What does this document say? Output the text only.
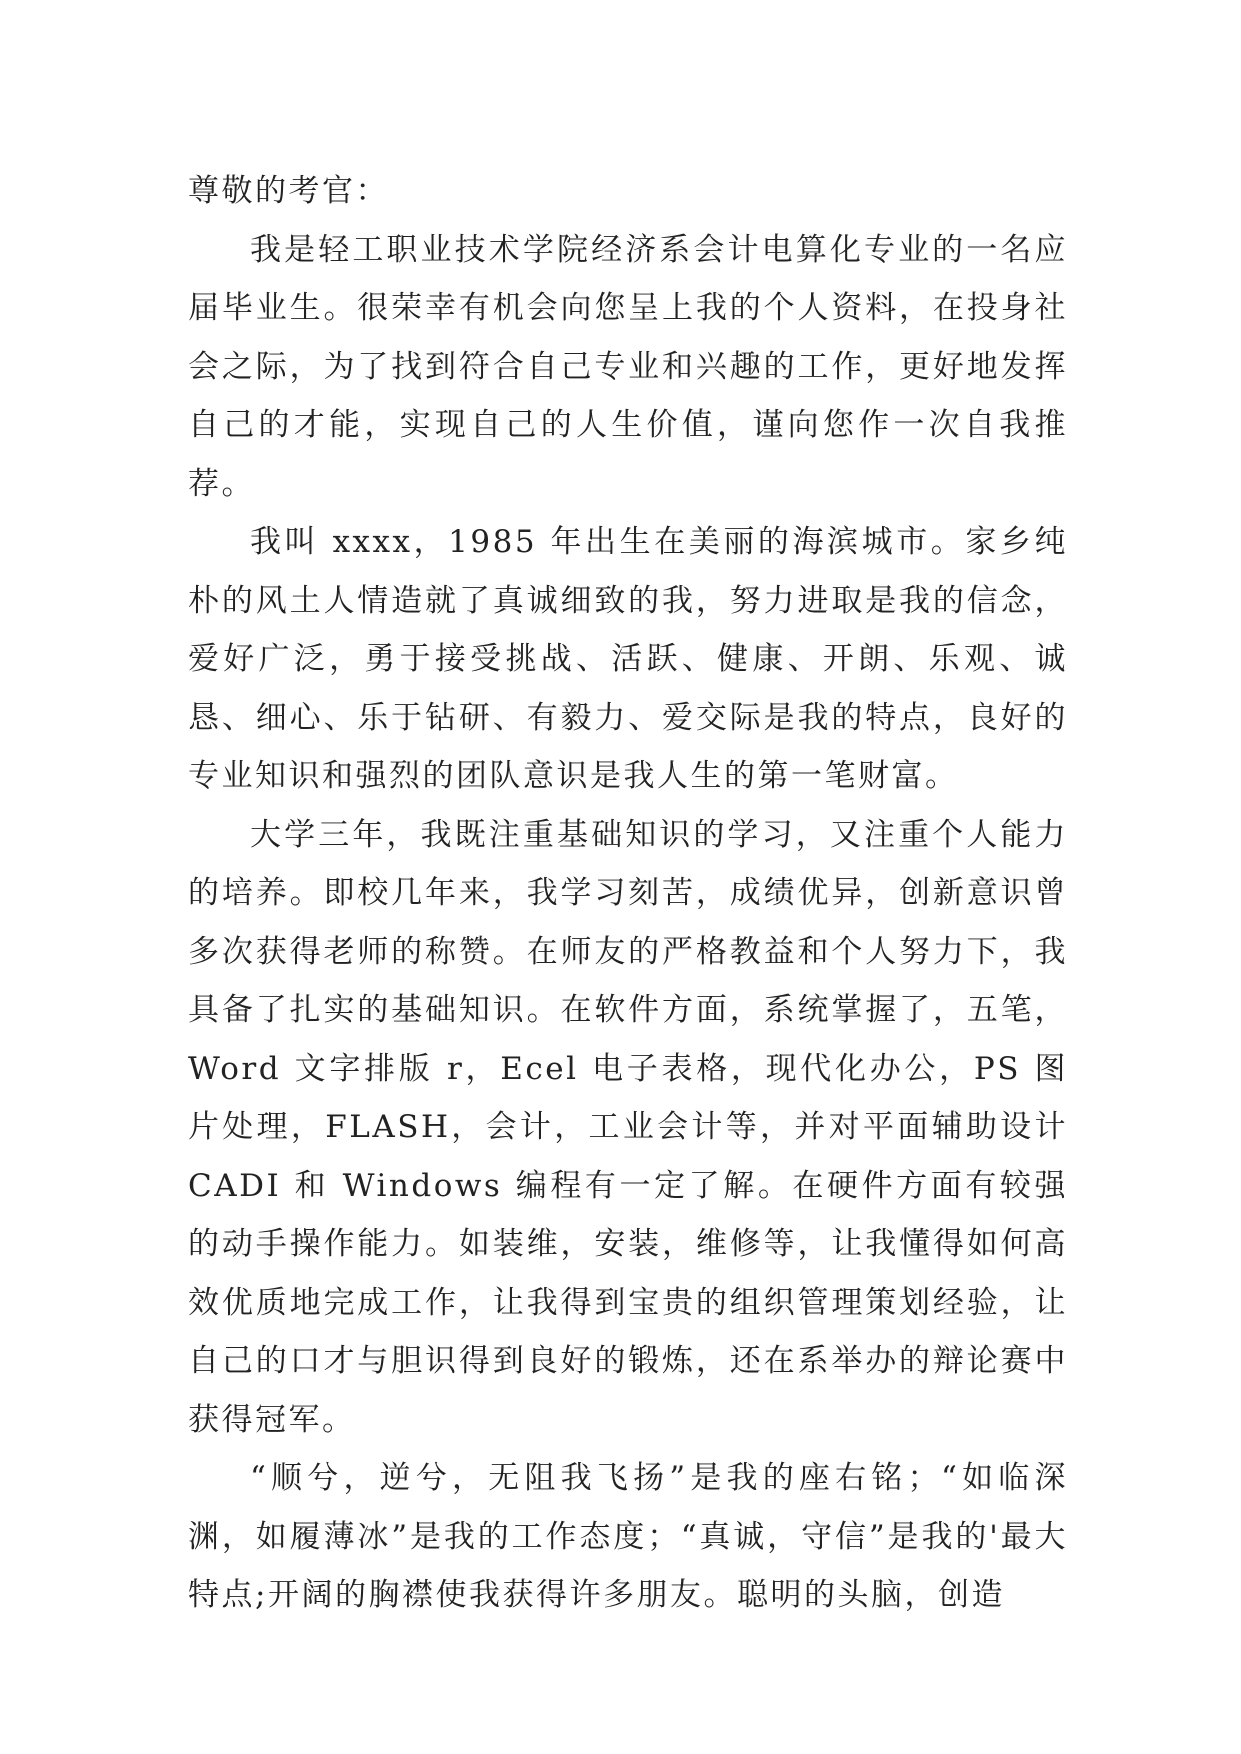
尊敬的考官：

我是轻工职业技术学院经济系会计电算化专业的一名应届毕业生。很荣幸有机会向您呈上我的个人资料，在投身社会之际，为了找到符合自己专业和兴趣的工作，更好地发挥自己的才能，实现自己的人生价值，谨向您作一次自我推荐。

我叫 xxxx，1985 年出生在美丽的海滨城市。家乡纯朴的风土人情造就了真诚细致的我，努力进取是我的信念，爱好广泛，勇于接受挑战、活跃、健康、开朗、乐观、诚恳、细心、乐于钻研、有毅力、爱交际是我的特点，良好的专业知识和强烈的团队意识是我人生的第一笔财富。

大学三年，我既注重基础知识的学习，又注重个人能力的培养。即校几年来，我学习刻苦，成绩优异，创新意识曾多次获得老师的称赞。在师友的严格教益和个人努力下，我具备了扎实的基础知识。在软件方面，系统掌握了，五笔，Word 文字排版 r，Ecel 电子表格，现代化办公，PS 图片处理，FLASH，会计，工业会计等，并对平面辅助设计 CADI 和 Windows 编程有一定了解。在硬件方面有较强的动手操作能力。如装维，安装，维修等，让我懂得如何高效优质地完成工作，让我得到宝贵的组织管理策划经验，让自己的口才与胆识得到良好的锻炼，还在系举办的辩论赛中获得冠军。

“顺兮，逆兮，无阻我飞扬”是我的座右铭；“如临深渊，如履薄冰”是我的工作态度；“真诚，守信”是我的'最大特点;开阔的胸襟使我获得许多朋友。聪明的头脑，创造
